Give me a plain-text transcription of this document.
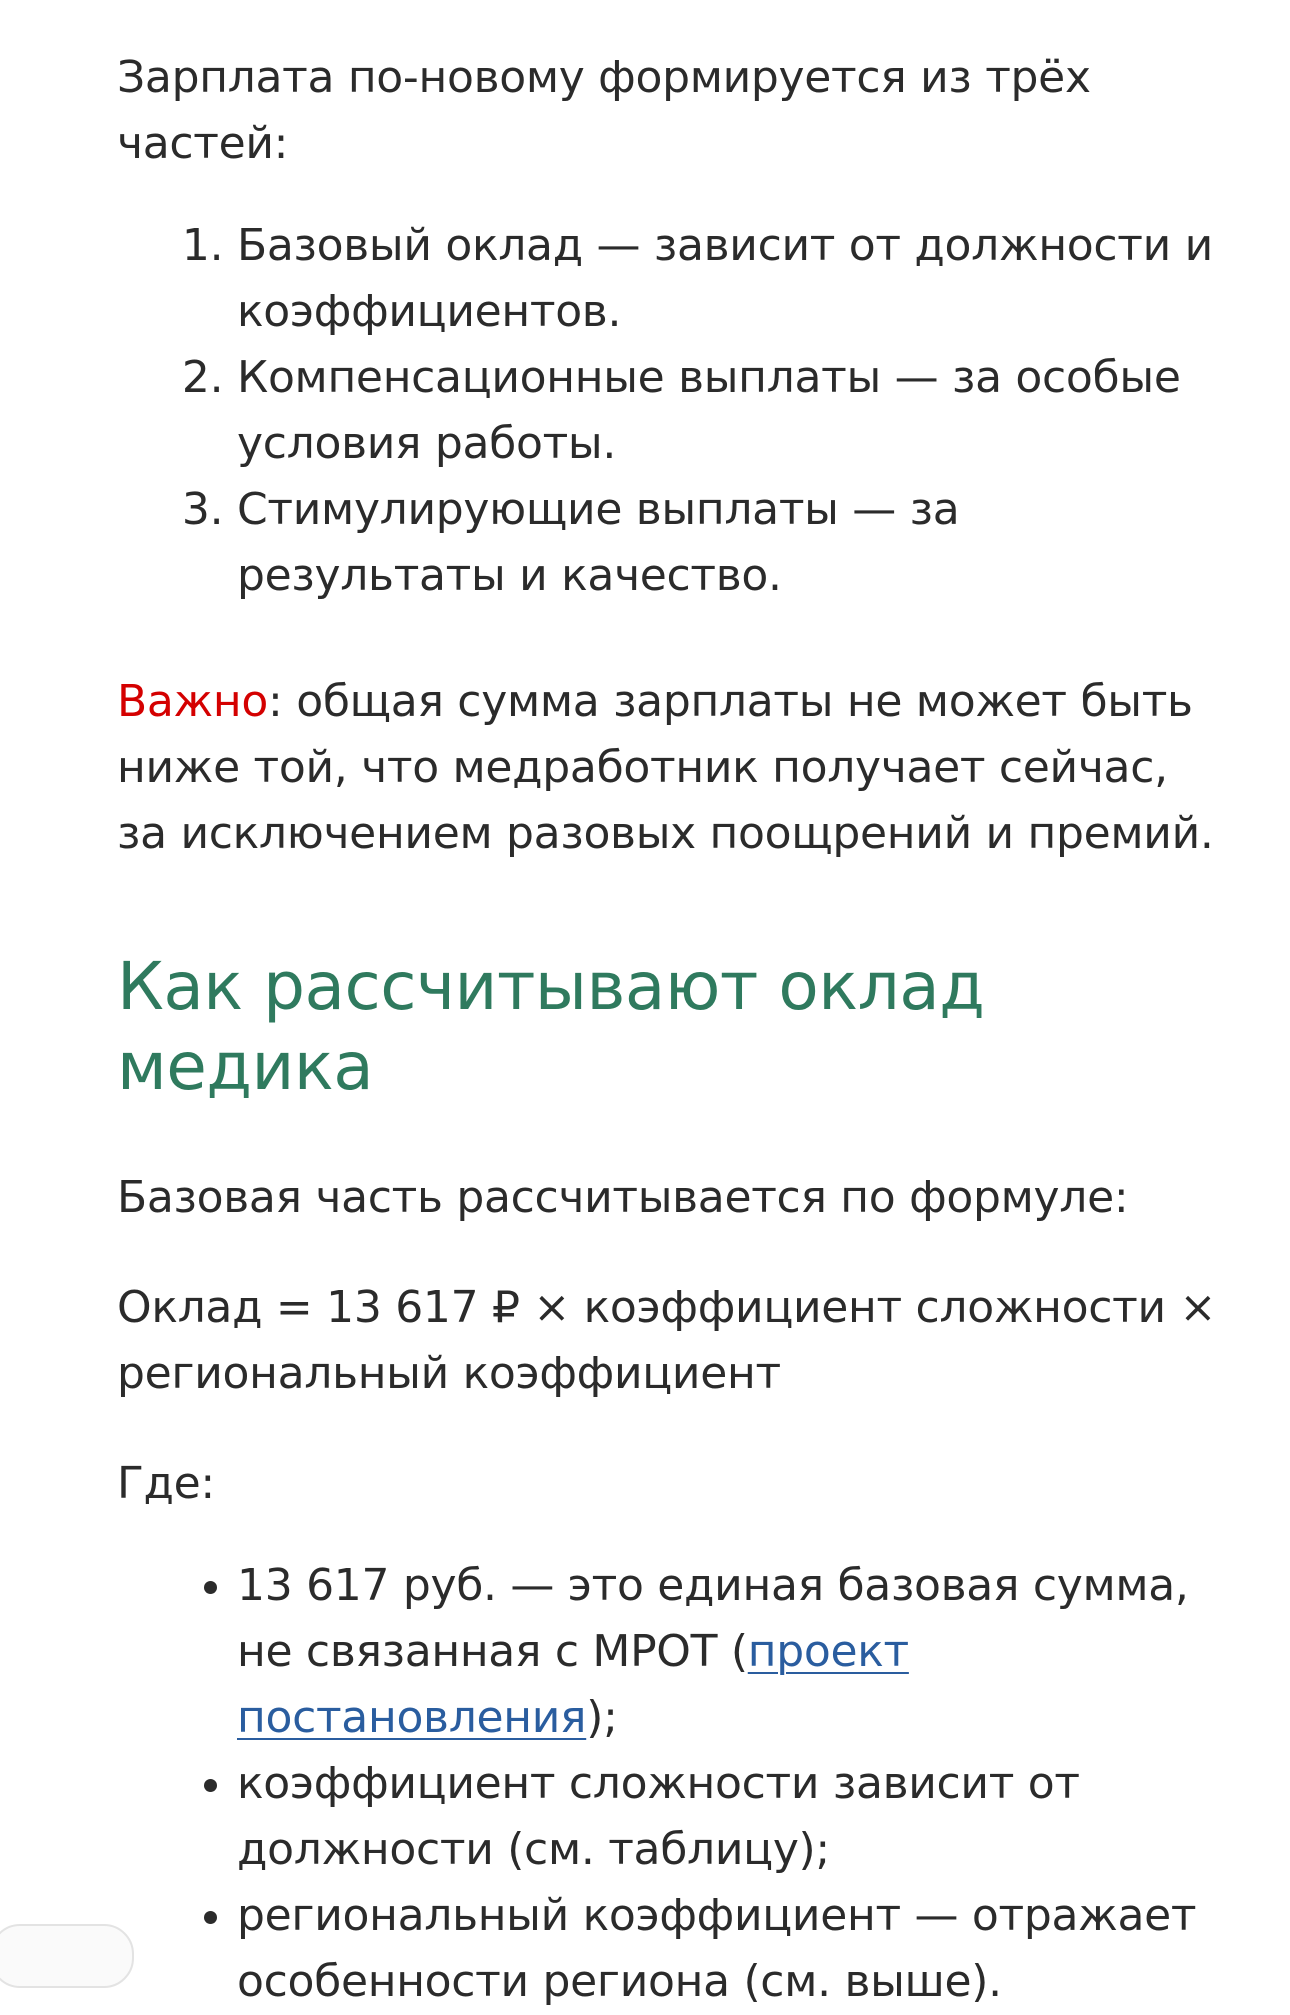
Зарплата по-новому формируется из трёх частей:

1. Базовый оклад — зависит от должности и коэффициентов.
2. Компенсационные выплаты — за особые условия работы.
3. Стимулирующие выплаты — за результаты и качество.

Важно: общая сумма зарплаты не может быть ниже той, что медработник получает сейчас, за исключением разовых поощрений и премий.

Как рассчитывают оклад медика

Базовая часть рассчитывается по формуле:

Оклад = 13 617 ₽ × коэффициент сложности × региональный коэффициент

Где:

• 13 617 руб. — это единая базовая сумма, не связанная с МРОТ (проект постановления);
• коэффициент сложности зависит от должности (см. таблицу);
• региональный коэффициент — отражает особенности региона (см. выше).
